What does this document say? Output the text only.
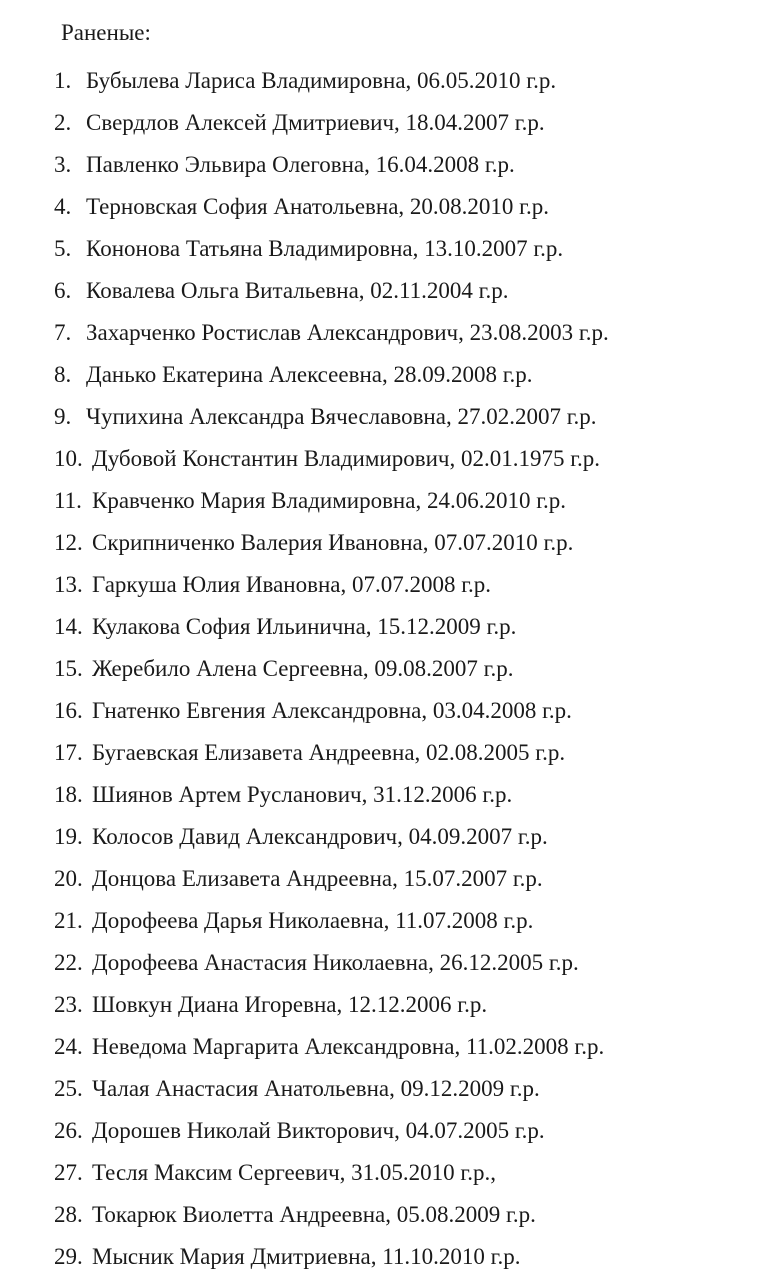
Раненые:
1. Бубылева Лариса Владимировна, 06.05.2010 г.р.
2. Свердлов Алексей Дмитриевич, 18.04.2007 г.р.
3. Павленко Эльвира Олеговна, 16.04.2008 г.р.
4. Терновская София Анатольевна, 20.08.2010 г.р.
5. Кононова Татьяна Владимировна, 13.10.2007 г.р.
6. Ковалева Ольга Витальевна, 02.11.2004 г.р.
7. Захарченко Ростислав Александрович, 23.08.2003 г.р.
8. Данько Екатерина Алексеевна, 28.09.2008 г.р.
9. Чупихина Александра Вячеславовна, 27.02.2007 г.р.
10. Дубовой Константин Владимирович, 02.01.1975 г.р.
11. Кравченко Мария Владимировна, 24.06.2010 г.р.
12. Скрипниченко Валерия Ивановна, 07.07.2010 г.р.
13. Гаркуша Юлия Ивановна, 07.07.2008 г.р.
14. Кулакова София Ильинична, 15.12.2009 г.р.
15. Жеребило Алена Сергеевна, 09.08.2007 г.р.
16. Гнатенко Евгения Александровна, 03.04.2008 г.р.
17. Бугаевская Елизавета Андреевна, 02.08.2005 г.р.
18. Шиянов Артем Русланович, 31.12.2006 г.р.
19. Колосов Давид Александрович, 04.09.2007 г.р.
20. Донцова Елизавета Андреевна, 15.07.2007 г.р.
21. Дорофеева Дарья Николаевна, 11.07.2008 г.р.
22. Дорофеева Анастасия Николаевна, 26.12.2005 г.р.
23. Шовкун Диана Игоревна, 12.12.2006 г.р.
24. Неведома Маргарита Александровна, 11.02.2008 г.р.
25. Чалая Анастасия Анатольевна, 09.12.2009 г.р.
26. Дорошев Николай Викторович, 04.07.2005 г.р.
27. Тесля Максим Сергеевич, 31.05.2010 г.р.,
28. Токарюк Виолетта Андреевна, 05.08.2009 г.р.
29. Мысник Мария Дмитриевна, 11.10.2010 г.р.
